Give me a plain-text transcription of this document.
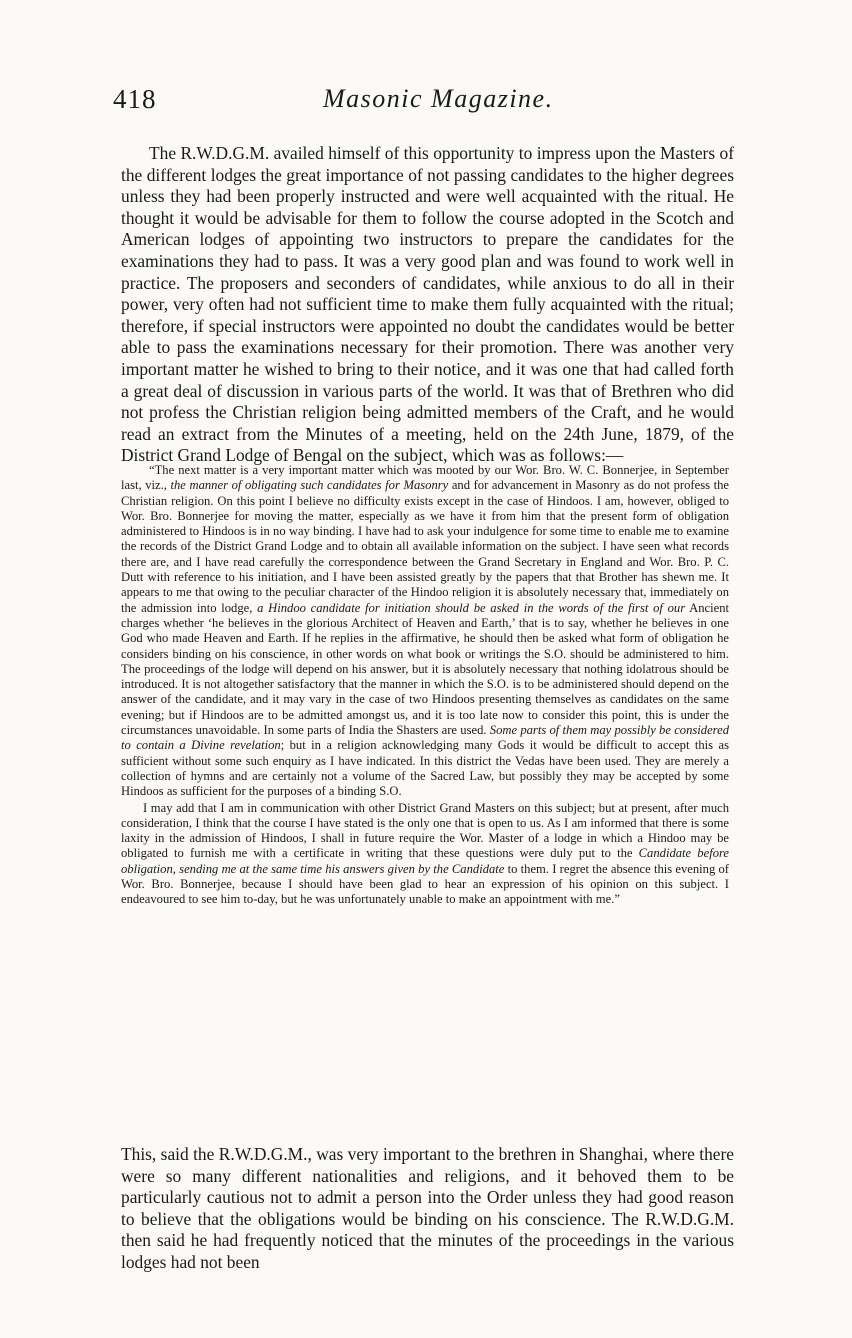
418	Masonic Magazine.

The R.W.D.G.M. availed himself of this opportunity to impress upon the Masters of the different lodges the great importance of not passing candidates to the higher degrees unless they had been properly instructed and were well acquainted with the ritual. He thought it would be advisable for them to follow the course adopted in the Scotch and American lodges of appointing two instructors to prepare the candidates for the examinations they had to pass. It was a very good plan and was found to work well in practice. The proposers and seconders of candidates, while anxious to do all in their power, very often had not sufficient time to make them fully acquainted with the ritual; therefore, if special instructors were appointed no doubt the candidates would be better able to pass the examinations necessary for their promotion. There was another very important matter he wished to bring to their notice, and it was one that had called forth a great deal of discussion in various parts of the world. It was that of Brethren who did not profess the Christian religion being admitted members of the Craft, and he would read an extract from the Minutes of a meeting, held on the 24th June, 1879, of the District Grand Lodge of Bengal on the subject, which was as follows:—

“The next matter is a very important matter which was mooted by our Wor. Bro. W. C. Bonnerjee, in September last, viz., the manner of obligating such candidates for Masonry and for advancement in Masonry as do not profess the Christian religion. On this point I believe no difficulty exists except in the case of Hindoos. I am, however, obliged to Wor. Bro. Bonnerjee for moving the matter, especially as we have it from him that the present form of obligation administered to Hindoos is in no way binding. I have had to ask your indulgence for some time to enable me to examine the records of the District Grand Lodge and to obtain all available information on the subject. I have seen what records there are, and I have read carefully the correspondence between the Grand Secretary in England and Wor. Bro. P. C. Dutt with reference to his initiation, and I have been assisted greatly by the papers that that Brother has shewn me. It appears to me that owing to the peculiar character of the Hindoo religion it is absolutely necessary that, immediately on the admission into lodge, a Hindoo candidate for initiation should be asked in the words of the first of our Ancient charges whether ‘he believes in the glorious Architect of Heaven and Earth,’ that is to say, whether he believes in one God who made Heaven and Earth. If he replies in the affirmative, he should then be asked what form of obligation he considers binding on his conscience, in other words on what book or writings the S.O. should be administered to him. The proceedings of the lodge will depend on his answer, but it is absolutely necessary that nothing idolatrous should be introduced. It is not altogether satisfactory that the manner in which the S.O. is to be administered should depend on the answer of the candidate, and it may vary in the case of two Hindoos presenting themselves as candidates on the same evening; but if Hindoos are to be admitted amongst us, and it is too late now to consider this point, this is under the circumstances unavoidable. In some parts of India the Shasters are used. Some parts of them may possibly be considered to contain a Divine revelation; but in a religion acknowledging many Gods it would be difficult to accept this as sufficient without some such enquiry as I have indicated. In this district the Vedas have been used. They are merely a collection of hymns and are certainly not a volume of the Sacred Law, but possibly they may be accepted by some Hindoos as sufficient for the purposes of a binding S.O.

I may add that I am in communication with other District Grand Masters on this subject; but at present, after much consideration, I think that the course I have stated is the only one that is open to us. As I am informed that there is some laxity in the admission of Hindoos, I shall in future require the Wor. Master of a lodge in which a Hindoo may be obligated to furnish me with a certificate in writing that these questions were duly put to the Candidate before obligation, sending me at the same time his answers given by the Candidate to them. I regret the absence this evening of Wor. Bro. Bonnerjee, because I should have been glad to hear an expression of his opinion on this subject. I endeavoured to see him to-day, but he was unfortunately unable to make an appointment with me.”

This, said the R.W.D.G.M., was very important to the brethren in Shanghai, where there were so many different nationalities and religions, and it behoved them to be particularly cautious not to admit a person into the Order unless they had good reason to believe that the obligations would be binding on his conscience. The R.W.D.G.M. then said he had frequently noticed that the minutes of the proceedings in the various lodges had not been
